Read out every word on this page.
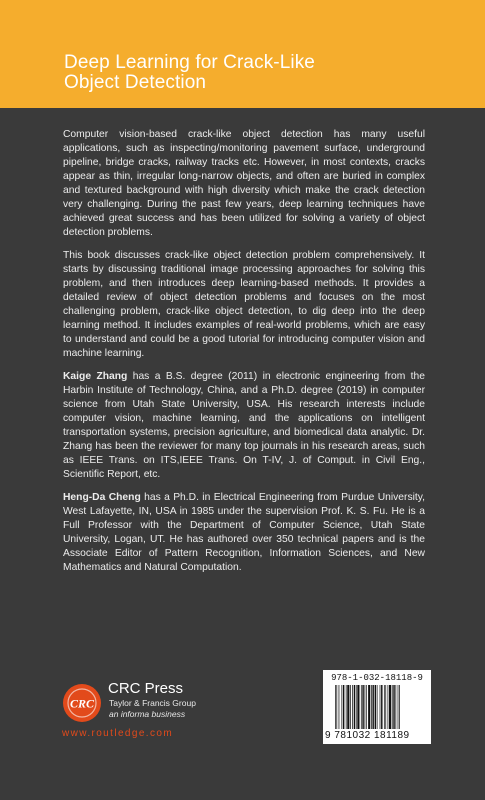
Deep Learning for Crack-Like
Object Detection

Computer vision-based crack-like object detection has many useful applications, such as inspecting/monitoring pavement surface, underground pipeline, bridge cracks, railway tracks etc. However, in most contexts, cracks appear as thin, irregular long-narrow objects, and often are buried in complex and textured background with high diversity which make the crack detection very challenging. During the past few years, deep learning techniques have achieved great success and has been utilized for solving a variety of object detection problems.

This book discusses crack-like object detection problem comprehensively. It starts by discussing traditional image processing approaches for solving this problem, and then introduces deep learning-based methods. It provides a detailed review of object detection problems and focuses on the most challenging problem, crack-like object detection, to dig deep into the deep learning method. It includes examples of real-world problems, which are easy to understand and could be a good tutorial for introducing computer vision and machine learning.

Kaige Zhang has a B.S. degree (2011) in electronic engineering from the Harbin Institute of Technology, China, and a Ph.D. degree (2019) in computer science from Utah State University, USA. His research interests include computer vision, machine learning, and the applications on intelligent transportation systems, precision agriculture, and biomedical data analytic. Dr. Zhang has been the reviewer for many top journals in his research areas, such as IEEE Trans. on ITS,IEEE Trans. On T-IV, J. of Comput. in Civil Eng., Scientific Report, etc.

Heng-Da Cheng has a Ph.D. in Electrical Engineering from Purdue University, West Lafayette, IN, USA in 1985 under the supervision Prof. K. S. Fu. He is a Full Professor with the Department of Computer Science, Utah State University, Logan, UT. He has authored over 350 technical papers and is the Associate Editor of Pattern Recognition, Information Sciences, and New Mathematics and Natural Computation.

CRC
CRC Press
Taylor & Francis Group
an informa business
www.routledge.com
978-1-032-18118-9
9 781032 181189
